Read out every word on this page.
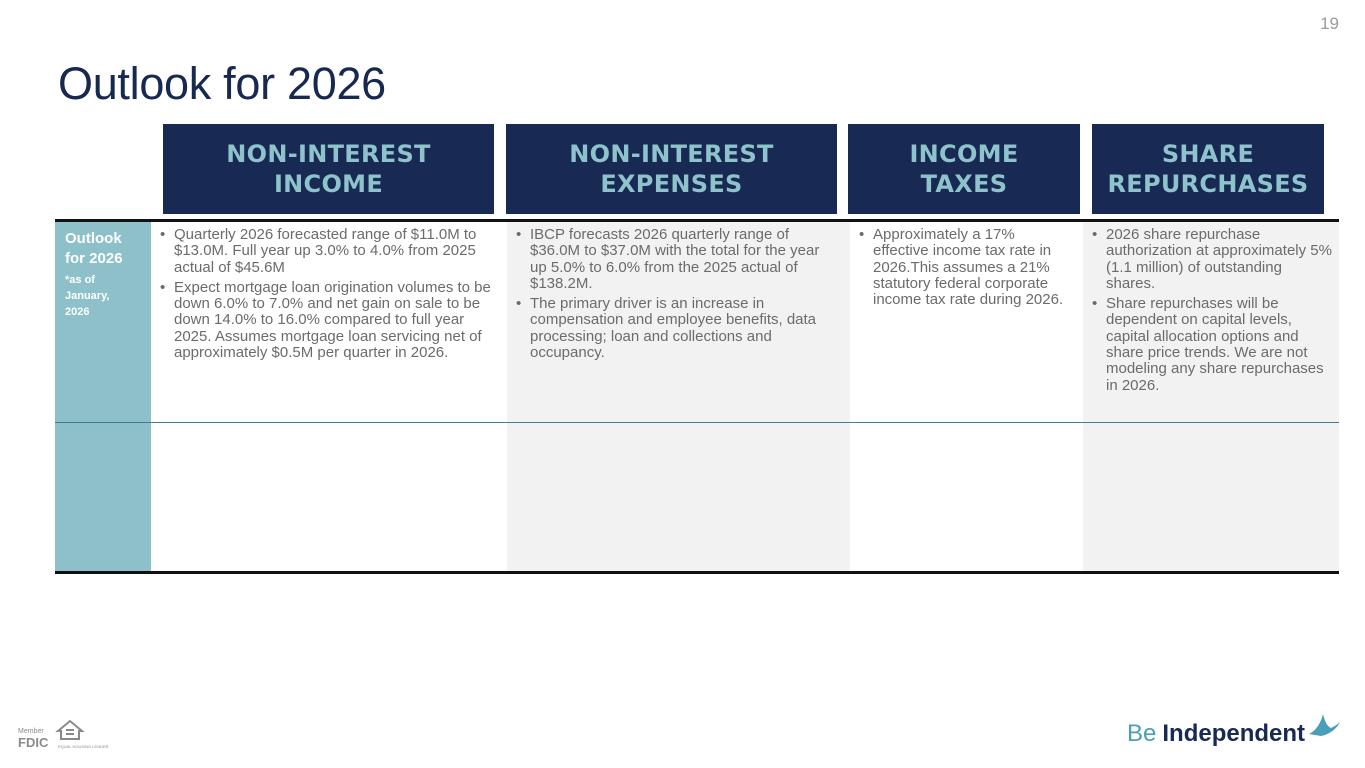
19
Outlook for 2026
NON-INTEREST
INCOME
NON-INTEREST
EXPENSES
INCOME
TAXES
SHARE
REPURCHASES
Outlook for 2026
*as of January, 2026
• Quarterly 2026 forecasted range of $11.0M to $13.0M. Full year up 3.0% to 4.0% from 2025 actual of $45.6M
• Expect mortgage loan origination volumes to be down 6.0% to 7.0% and net gain on sale to be down 14.0% to 16.0% compared to full year 2025. Assumes mortgage loan servicing net of approximately $0.5M per quarter in 2026.
• IBCP forecasts 2026 quarterly range of $36.0M to $37.0M with the total for the year up 5.0% to 6.0% from the 2025 actual of $138.2M.
• The primary driver is an increase in compensation and employee benefits, data processing; loan and collections and occupancy.
• Approximately a 17% effective income tax rate in 2026.This assumes a 21% statutory federal corporate income tax rate during 2026.
• 2026 share repurchase authorization at approximately 5% (1.1 million) of outstanding shares.
• Share repurchases will be dependent on capital levels, capital allocation options and share price trends. We are not modeling any share repurchases in 2026.
Member
FDIC EQUAL HOUSING LENDER	Be Independent
